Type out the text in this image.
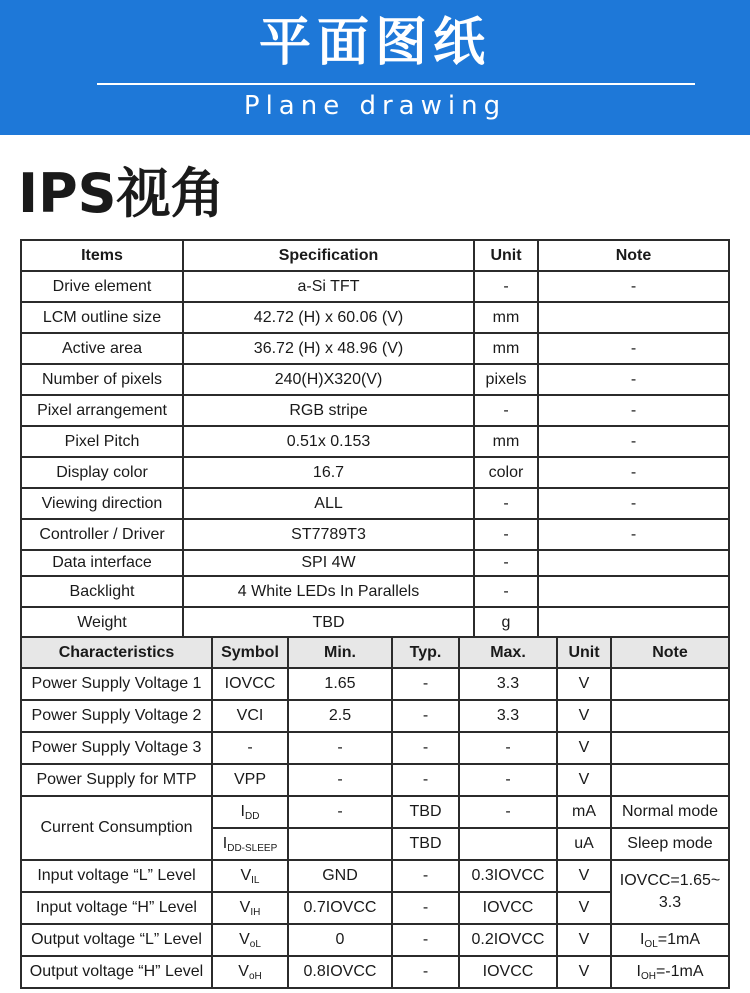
平面图纸
Plane drawing
IPS视角
Items	Specification	Unit	Note
Drive element	a-Si TFT	-	-
LCM outline size	42.72 (H) x 60.06 (V)	mm	
Active area	36.72 (H) x 48.96 (V)	mm	-
Number of pixels	240(H)X320(V)	pixels	-
Pixel arrangement	RGB stripe	-	-
Pixel Pitch	0.51x 0.153	mm	-
Display color	16.7	color	-
Viewing direction	ALL	-	-
Controller / Driver	ST7789T3	-	-
Data interface	SPI 4W	-	
Backlight	4 White LEDs In Parallels	-	
Weight	TBD	g	
Characteristics	Symbol	Min.	Typ.	Max.	Unit	Note
Power Supply Voltage 1	IOVCC	1.65	-	3.3	V	
Power Supply Voltage 2	VCI	2.5	-	3.3	V	
Power Supply Voltage 3	-	-	-	-	V	
Power Supply for MTP	VPP	-	-	-	V	
Current Consumption	$I_{DD}$	-	TBD	-	mA	Normal mode
	$I_{DD-SLEEP}$		TBD		uA	Sleep mode
Input voltage “L” Level	$V_{IL}$	GND	-	0.3IOVCC	V	IOVCC=1.65~ 3.3
Input voltage “H” Level	$V_{IH}$	0.7IOVCC	-	IOVCC	V	
Output voltage “L” Level	$V_{oL}$	0	-	0.2IOVCC	V	$I_{OL}=1mA$
Output voltage “H” Level	$V_{oH}$	0.8IOVCC	-	IOVCC	V	$I_{OH}=-1mA$
